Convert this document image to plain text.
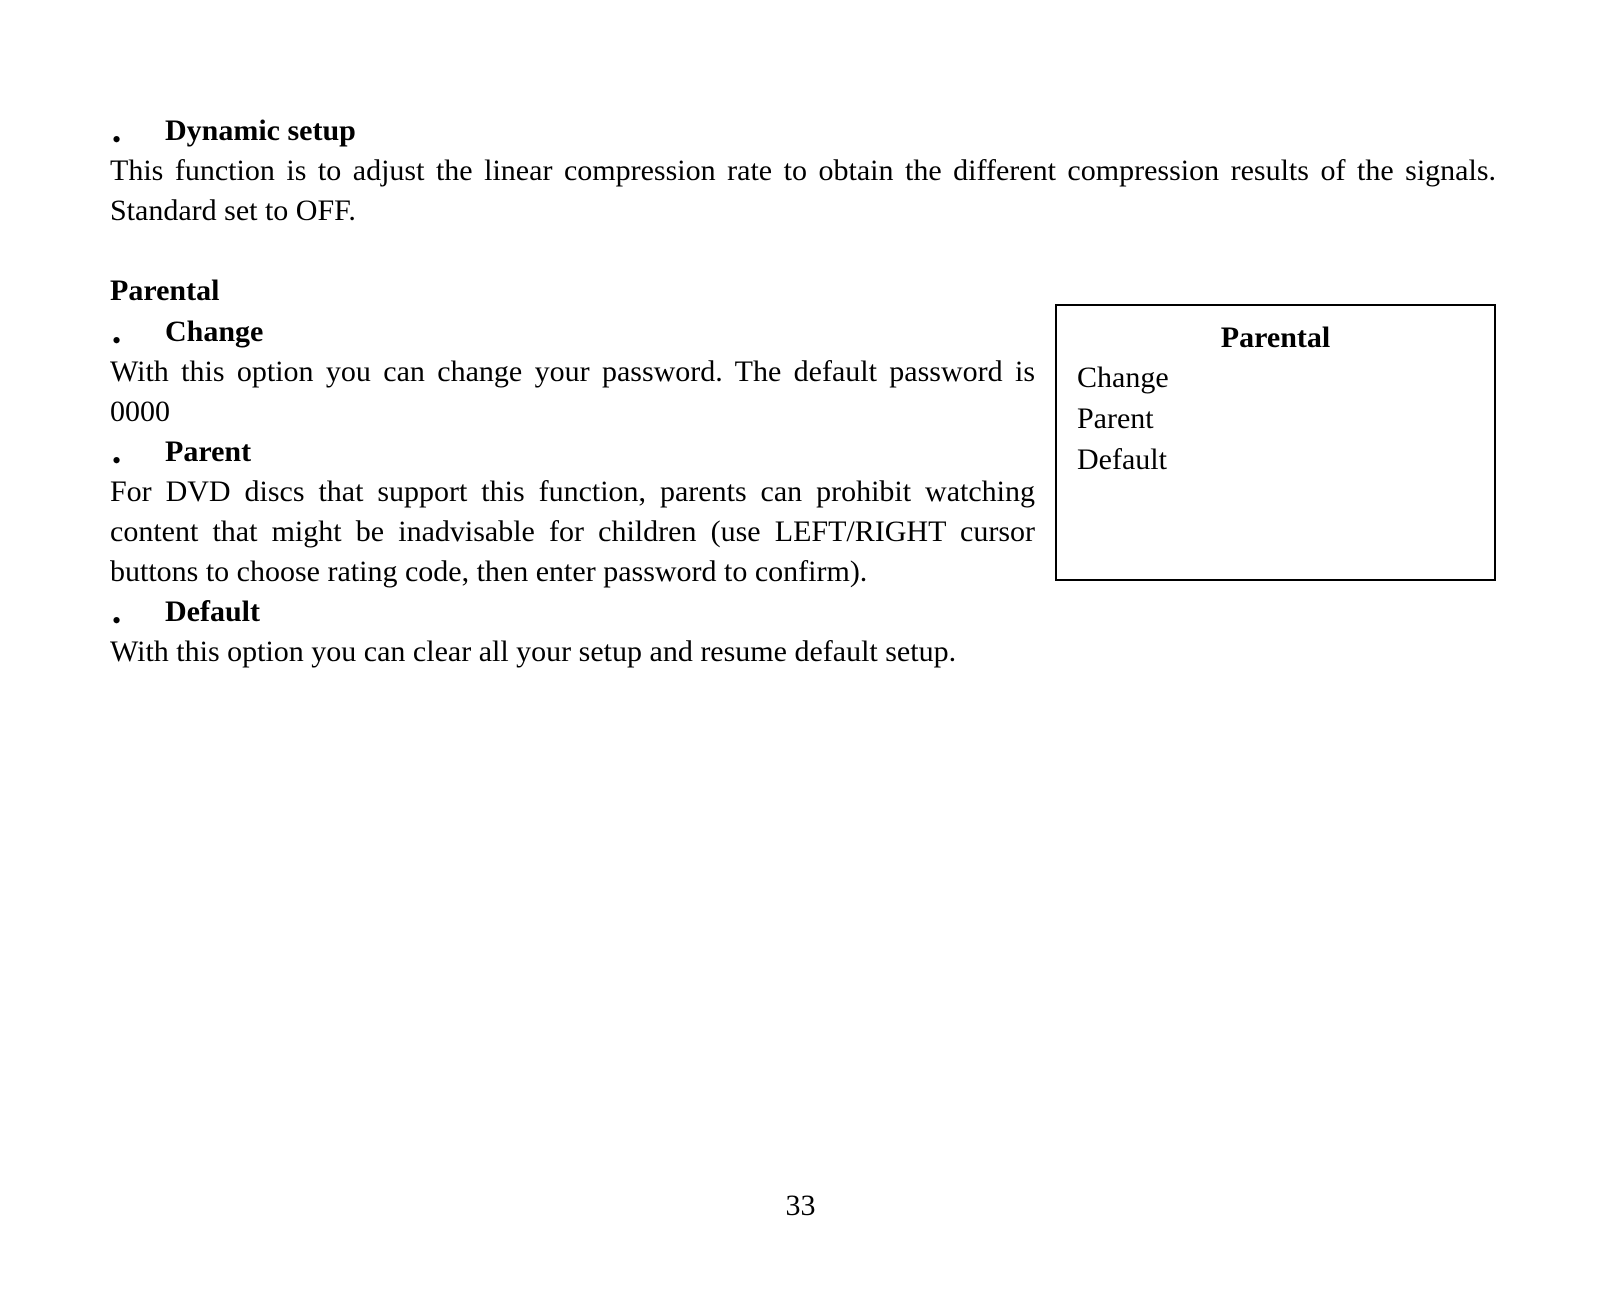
• Dynamic setup
This function is to adjust the linear compression rate to obtain the different compression results of the signals.
Standard set to OFF.
Parental
• Change
With this option you can change your password. The default password is
0000
• Parent
For DVD discs that support this function, parents can prohibit watching
content that might be inadvisable for children (use LEFT/RIGHT cursor
buttons to choose rating code, then enter password to confirm).
• Default
With this option you can clear all your setup and resume default setup.
Parental
Change
Parent
Default
33
